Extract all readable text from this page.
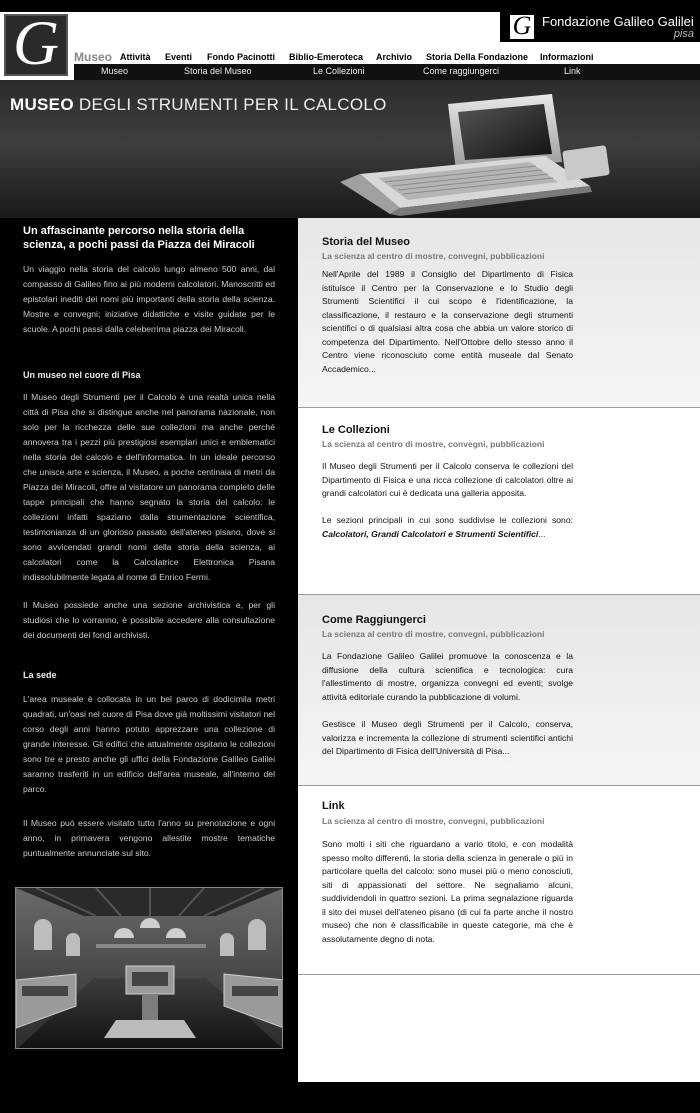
G	G Fondazione Galileo Galilei
pisa
Museo Attività Eventi Fondo Pacinotti Biblio-Emeroteca Archivio Storia Della Fondazione Informazioni
Museo	Storia del Museo	Le Collezioni	Come raggiungerci	Link
MUSEO DEGLI STRUMENTI PER IL CALCOLO

Un affascinante percorso nella storia della scienza, a pochi passi da Piazza dei Miracoli

Un viaggio nella storia del calcolo lungo almeno 500 anni, dal compasso di Galileo fino ai più moderni calcolatori. Manoscritti ed epistolari inediti dei nomi più importanti della storia della scienza. Mostre e convegni; iniziative didattiche e visite guidate per le scuole. A pochi passi dalla celeberrima piazza dei Miracoli.

Un museo nel cuore di Pisa

Il Museo degli Strumenti per il Calcolo è una realtà unica nella città di Pisa che si distingue anche nel panorama nazionale, non solo per la ricchezza delle sue collezioni ma anche perché annovera tra i pezzi più prestigiosi esemplari unici e emblematici nella storia del calcolo e dell'informatica. In un ideale percorso che unisce arte e scienza, il Museo, a poche centinaia di metri da Piazza dei Miracoli, offre al visitatore un panorama completo delle tappe principali che hanno segnato la storia del calcolo: le collezioni infatti spaziano dalla strumentazione scientifica, testimonianza di un glorioso passato dell'ateneo pisano, dove si sono avvicendati grandi nomi della storia della scienza, ai calcolatori come la Calcolatrice Elettronica Pisana indissolubilmente legata al nome di Enrico Fermi.

Il Museo possiede anche una sezione archivistica e, per gli studiosi che lo vorranno, è possibile accedere alla consultazione dei documenti dei fondi archivisti.

La sede

L'area museale è collocata in un bel parco di dodicimila metri quadrati, un'oasi nel cuore di Pisa dove già moltissimi visitatori nel corso degli anni hanno potuto apprezzare una collezione di grande interesse. Gli edifici che attualmente ospitano le collezioni sono tre e presto anche gli uffici della Fondazione Galileo Galilei saranno trasferiti in un edificio dell'area museale, all'interno del parco.

Il Museo può essere visitato tutto l'anno su prenotazione e ogni anno, in primavera vengono allestite mostre tematiche puntualmente annunciate sul sito.

Storia del Museo
La scienza al centro di mostre, convegni, pubblicazioni

Nell'Aprile del 1989 il Consiglio del Dipartimento di Fisica istituisce il Centro per la Conservazione e lo Studio degli Strumenti Scientifici il cui scopo è l'identificazione, la classificazione, il restauro e la conservazione degli strumenti scientifici o di qualsiasi altra cosa che abbia un valore storico di competenza del Dipartimento. Nell'Ottobre dello stesso anno il Centro viene riconosciuto come entità museale dal Senato Accademico...

Le Collezioni
La scienza al centro di mostre, convegni, pubblicazioni

Il Museo degli Strumenti per il Calcolo conserva le collezioni del Dipartimento di Fisica e una ricca collezione di calcolatori oltre ai grandi calcolatori cui è dedicata una galleria apposita.

Le sezioni principali in cui sono suddivise le collezioni sono: Calcolatori, Grandi Calcolatori e Strumenti Scientifici...

Come Raggiungerci
La scienza al centro di mostre, convegni, pubblicazioni

La Fondazione Galileo Galilei promuove la conoscenza e la diffusione della cultura scientifica e tecnologica: cura l'allestimento di mostre, organizza convegni ed eventi; svolge attività editoriale curando la pubblicazione di volumi.

Gestisce il Museo degli Strumenti per il Calcolo, conserva, valorizza e incrementa la collezione di strumenti scientifici antichi del Dipartimento di Fisica dell'Università di Pisa...

Link
La scienza al centro di mostre, convegni, pubblicazioni

Sono molti i siti che riguardano a vario titolo, e con modalità spesso molto differenti, la storia della scienza in generale o più in particolare quella del calcolo: sono musei più o meno conosciuti, siti di appassionati del settore. Ne segnaliamo alcuni, suddividendoli in quattro sezioni. La prima segnalazione riguarda il sito dei musei dell'ateneo pisano (di cui fa parte anche il nostro museo) che non è classificabile in queste categorie, ma che è assolutamente degno di nota.
